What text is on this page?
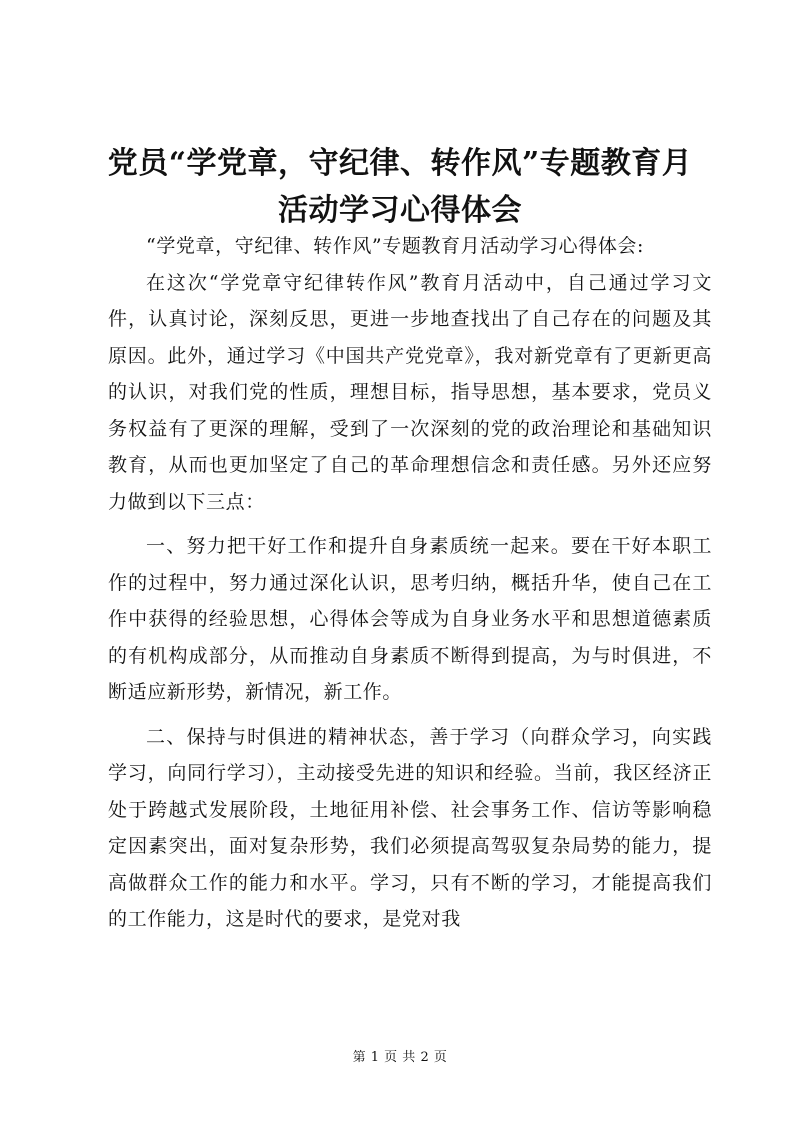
党员“学党章，守纪律、转作风”专题教育月活动学习心得体会

“学党章，守纪律、转作风”专题教育月活动学习心得体会:

在这次“学党章守纪律转作风”教育月活动中，自己通过学习文件，认真讨论，深刻反思，更进一步地查找出了自己存在的问题及其原因。此外，通过学习《中国共产党党章》，我对新党章有了更新更高的认识，对我们党的性质，理想目标，指导思想，基本要求，党员义务权益有了更深的理解，受到了一次深刻的党的政治理论和基础知识教育，从而也更加坚定了自己的革命理想信念和责任感。另外还应努力做到以下三点：

一、努力把干好工作和提升自身素质统一起来。要在干好本职工作的过程中，努力通过深化认识，思考归纳，概括升华，使自己在工作中获得的经验思想，心得体会等成为自身业务水平和思想道德素质的有机构成部分，从而推动自身素质不断得到提高，为与时俱进，不断适应新形势，新情况，新工作。

二、保持与时俱进的精神状态，善于学习（向群众学习，向实践学习，向同行学习），主动接受先进的知识和经验。当前，我区经济正处于跨越式发展阶段，土地征用补偿、社会事务工作、信访等影响稳定因素突出，面对复杂形势，我们必须提高驾驭复杂局势的能力，提高做群众工作的能力和水平。学习，只有不断的学习，才能提高我们的工作能力，这是时代的要求，是党对我

第 1 页 共 2 页
